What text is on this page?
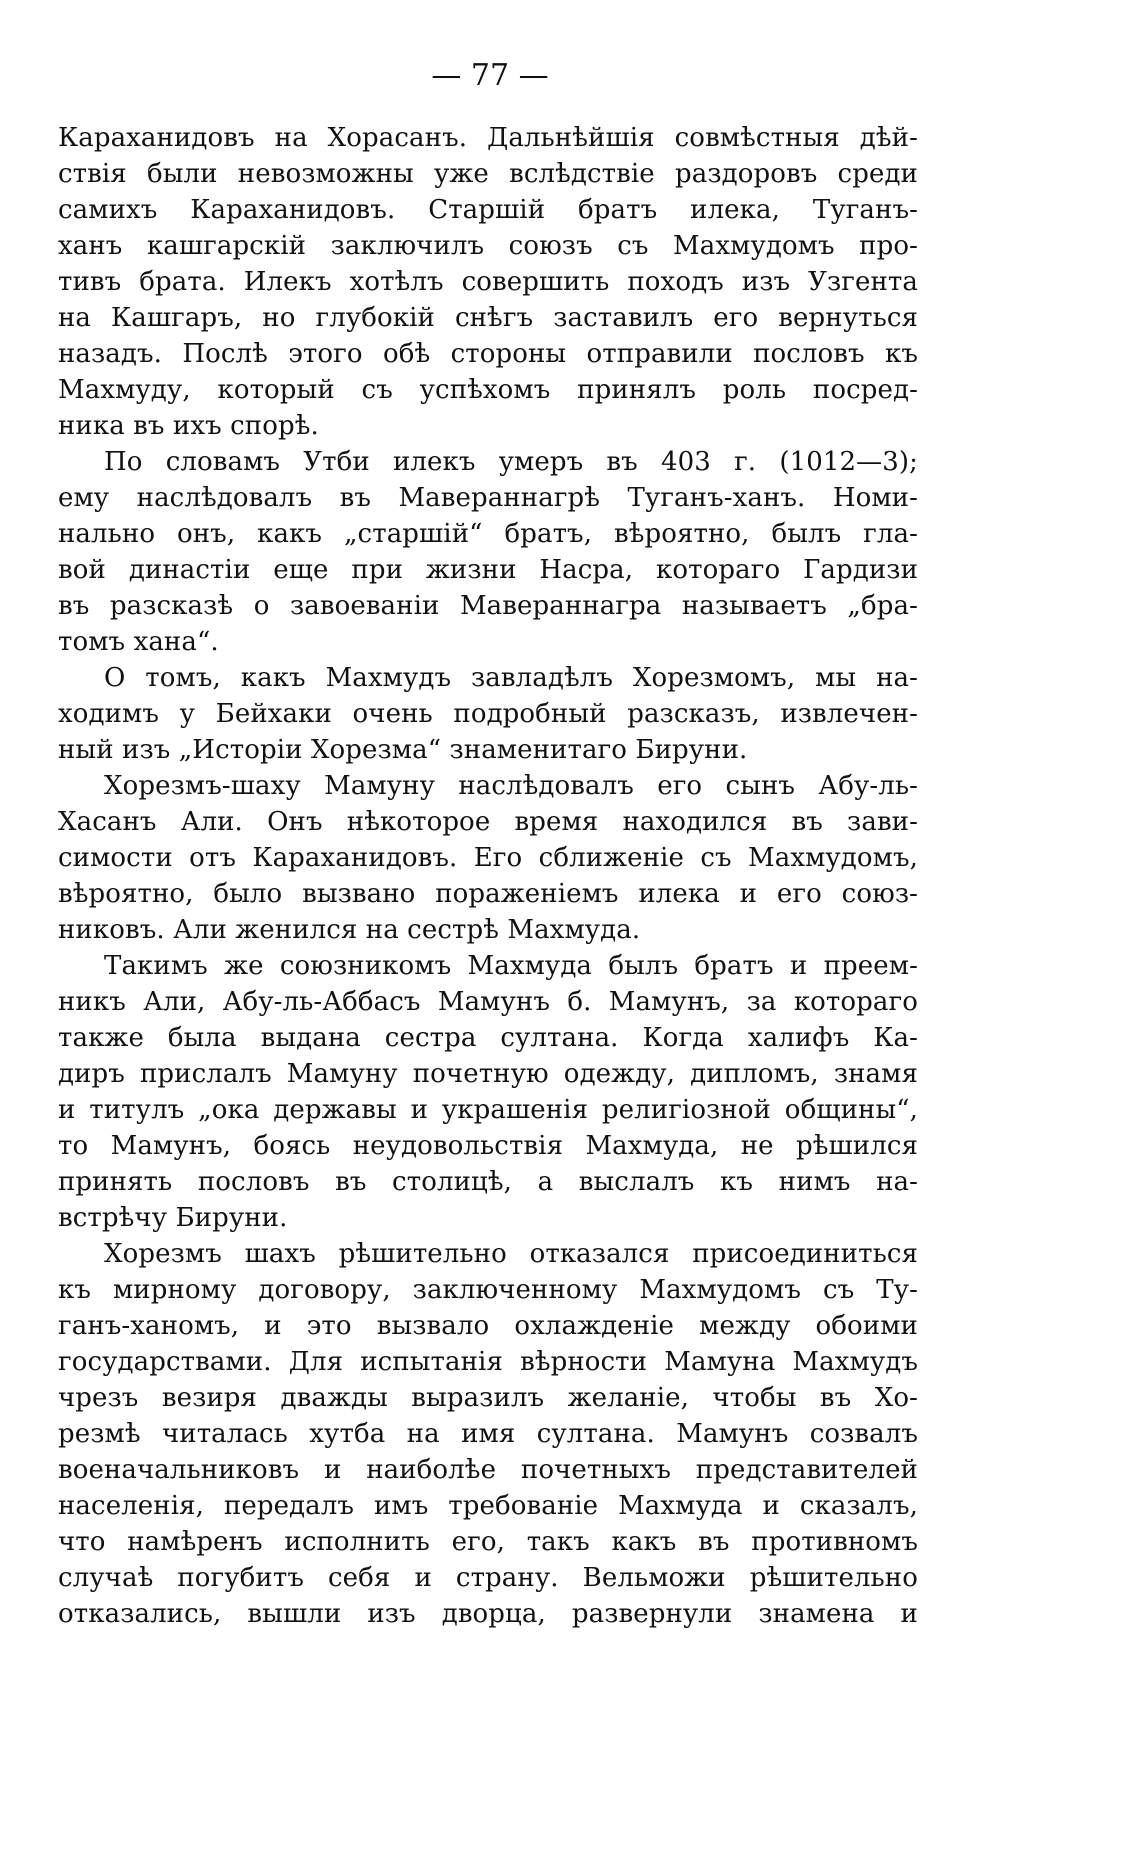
— 77 —

Караханидовъ на Хорасанъ. Дальнѣйшія совмѣстныя дѣй-
ствія были невозможны уже вслѣдствіе раздоровъ среди
самихъ Караханидовъ. Старшій братъ илека, Туганъ-
ханъ кашгарскій заключилъ союзъ съ Махмудомъ про-
тивъ брата. Илекъ хотѣлъ совершить походъ изъ Узгента
на Кашгаръ, но глубокій снѣгъ заставилъ его вернуться
назадъ. Послѣ этого обѣ стороны отправили пословъ къ
Махмуду, который съ успѣхомъ принялъ роль посред-
ника въ ихъ спорѣ.
По словамъ Утби илекъ умеръ въ 403 г. (1012—3);
ему наслѣдовалъ въ Мавераннагрѣ Туганъ-ханъ. Номи-
нально онъ, какъ „старшій“ братъ, вѣроятно, былъ гла-
вой династіи еще при жизни Насра, котораго Гардизи
въ разсказѣ о завоеваніи Мавераннагра называетъ „бра-
томъ хана“.
О томъ, какъ Махмудъ завладѣлъ Хорезмомъ, мы на-
ходимъ у Бейхаки очень подробный разсказъ, извлечен-
ный изъ „Исторіи Хорезма“ знаменитаго Бируни.
Хорезмъ-шаху Мамуну наслѣдовалъ его сынъ Абу-ль-
Хасанъ Али. Онъ нѣкоторое время находился въ зави-
симости отъ Караханидовъ. Его сближеніе съ Махмудомъ,
вѣроятно, было вызвано пораженіемъ илека и его союз-
никовъ. Али женился на сестрѣ Махмуда.
Такимъ же союзникомъ Махмуда былъ братъ и преем-
никъ Али, Абу-ль-Аббасъ Мамунъ б. Мамунъ, за котораго
также была выдана сестра султана. Когда халифъ Ка-
диръ прислалъ Мамуну почетную одежду, дипломъ, знамя
и титулъ „ока державы и украшенія религіозной общины“,
то Мамунъ, боясь неудовольствія Махмуда, не рѣшился
принять пословъ въ столицѣ, а выслалъ къ нимъ на-
встрѣчу Бируни.
Хорезмъ шахъ рѣшительно отказался присоединиться
къ мирному договору, заключенному Махмудомъ съ Ту-
ганъ-ханомъ, и это вызвало охлажденіе между обоими
государствами. Для испытанія вѣрности Мамуна Махмудъ
чрезъ везиря дважды выразилъ желаніе, чтобы въ Хо-
резмѣ читалась хутба на имя султана. Мамунъ созвалъ
военачальниковъ и наиболѣе почетныхъ представителей
населенія, передалъ имъ требованіе Махмуда и сказалъ,
что намѣренъ исполнить его, такъ какъ въ противномъ
случаѣ погубитъ себя и страну. Вельможи рѣшительно
отказались, вышли изъ дворца, развернули знамена и
